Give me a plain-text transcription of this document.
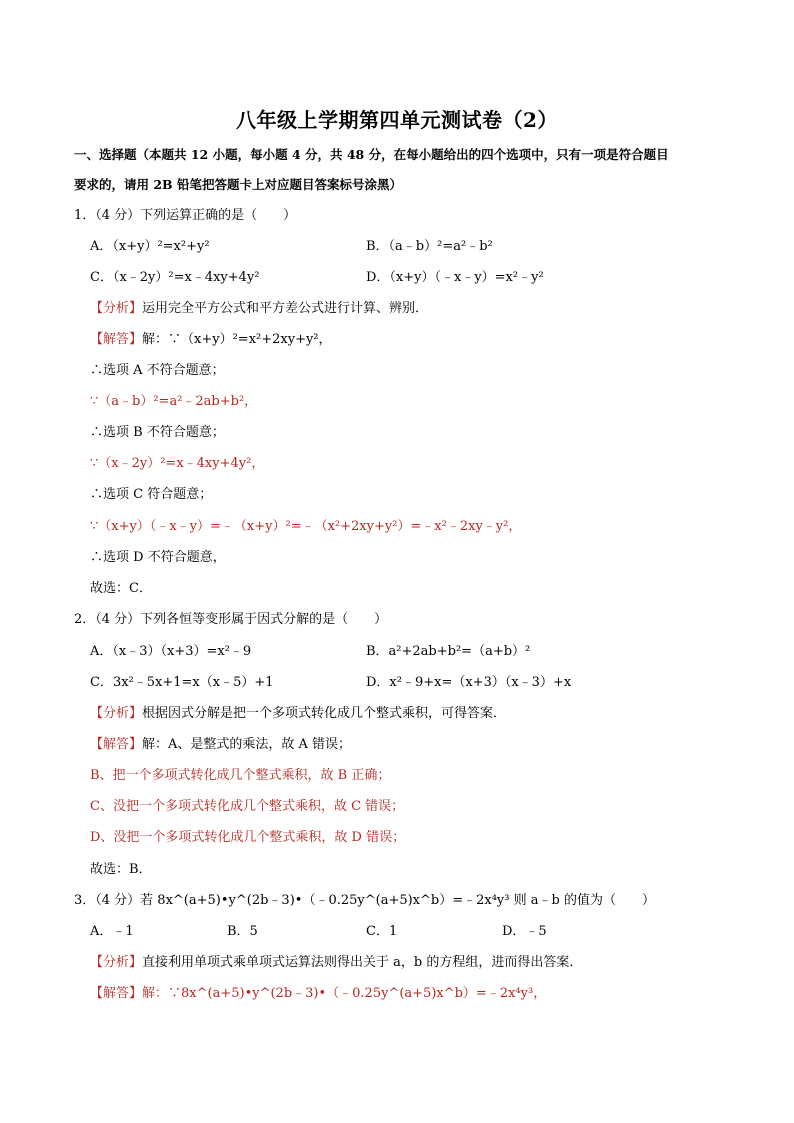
八年级上学期第四单元测试卷（2）
一、选择题（本题共 12 小题，每小题 4 分，共 48 分，在每小题给出的四个选项中，只有一项是符合题目
要求的，请用 2B 铅笔把答题卡上对应题目答案标号涂黑）
1．（4 分）下列运算正确的是（　　）
A．（x+y）²=x²+y²	B．（a﹣b）²=a²﹣b²
C．（x﹣2y）²=x﹣4xy+4y²	D．（x+y）（﹣x﹣y）=x²﹣y²
【分析】运用完全平方公式和平方差公式进行计算、辨别．
【解答】解：∵（x+y）²=x²+2xy+y²，
∴选项 A 不符合题意；
∵（a﹣b）²=a²﹣2ab+b²，
∴选项 B 不符合题意；
∵（x﹣2y）²=x﹣4xy+4y²，
∴选项 C 符合题意；
∵（x+y）（﹣x﹣y）=﹣（x+y）²=﹣（x²+2xy+y²）=﹣x²﹣2xy﹣y²，
∴选项 D 不符合题意，
故选：C．
2．（4 分）下列各恒等变形属于因式分解的是（　　）
A．（x﹣3）（x+3）=x²﹣9	B．a²+2ab+b²=（a+b）²
C．3x²﹣5x+1=x（x﹣5）+1	D．x²﹣9+x=（x+3）（x﹣3）+x
【分析】根据因式分解是把一个多项式转化成几个整式乘积，可得答案．
【解答】解：A、是整式的乘法，故 A 错误；
B、把一个多项式转化成几个整式乘积，故 B 正确；
C、没把一个多项式转化成几个整式乘积，故 C 错误；
D、没把一个多项式转化成几个整式乘积，故 D 错误；
故选：B．
3．（4 分）若 8x^(a+5)•y^(2b﹣3)•（﹣0.25y^(a+5)x^b）=﹣2x⁴y³ 则 a﹣b 的值为（　　）
A．﹣1	B．5	C．1	D．﹣5
【分析】直接利用单项式乘单项式运算法则得出关于 a，b 的方程组，进而得出答案．
【解答】解：∵8x^(a+5)•y^(2b﹣3)•（﹣0.25y^(a+5)x^b）=﹣2x⁴y³，
